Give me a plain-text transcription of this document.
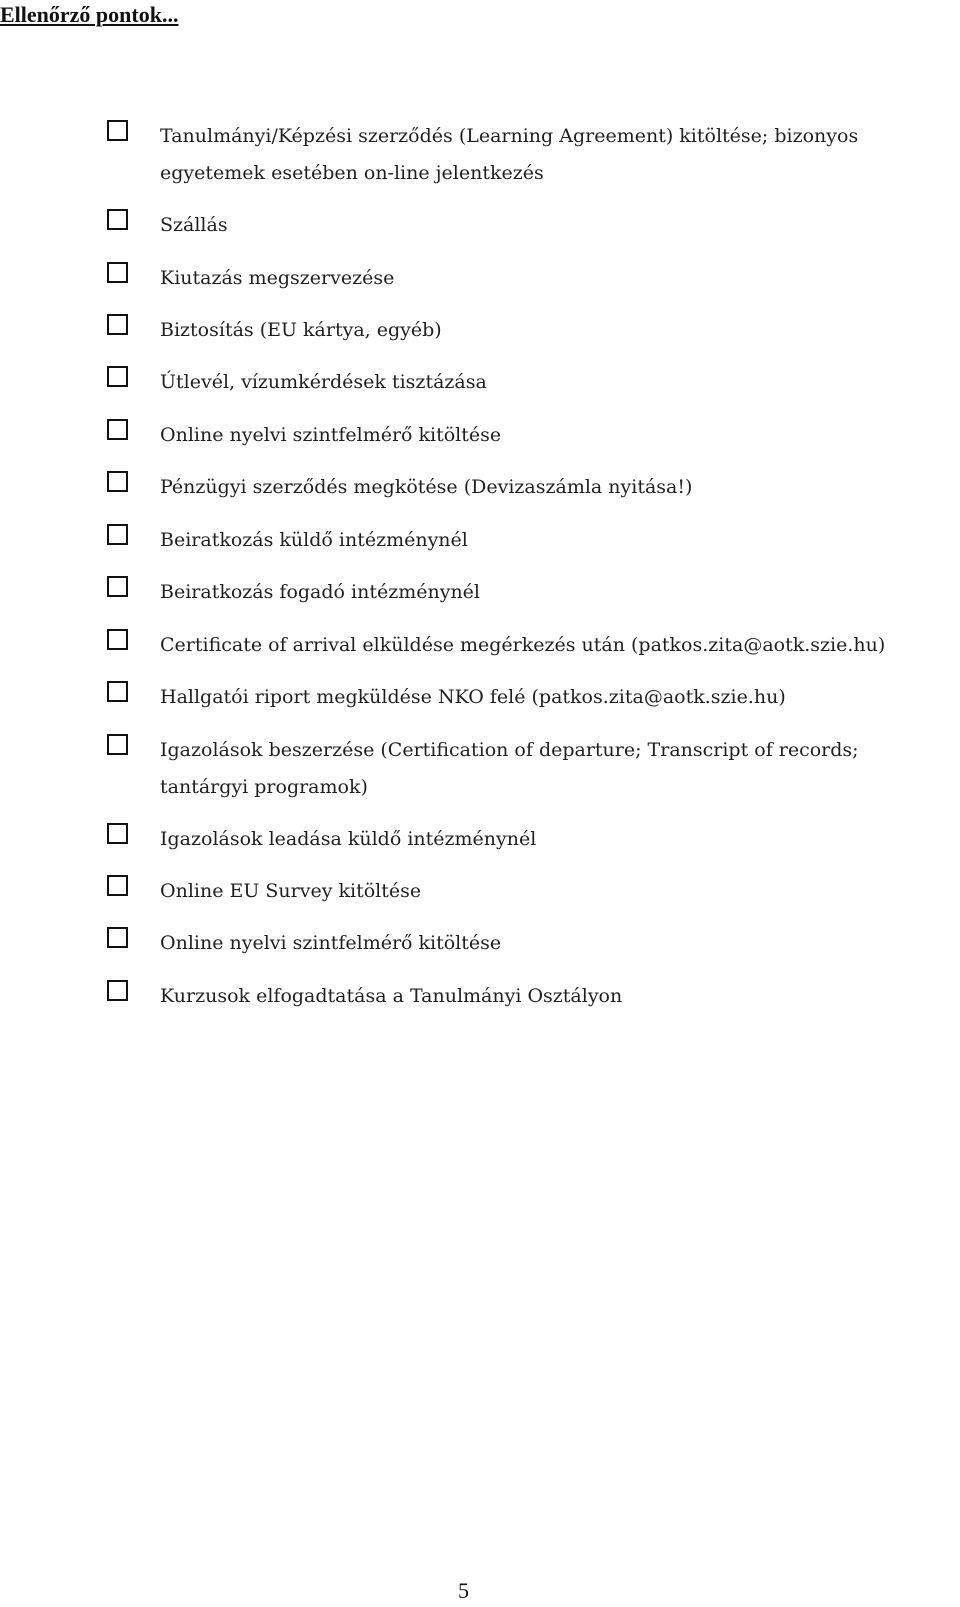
Ellenőrző pontok...
Tanulmányi/Képzési szerződés (Learning Agreement) kitöltése; bizonyos egyetemek esetében on-line jelentkezés
Szállás
Kiutazás megszervezése
Biztosítás (EU kártya, egyéb)
Útlevél, vízumkérdések tisztázása
Online nyelvi szintfelmérő kitöltése
Pénzügyi szerződés megkötése (Devizaszámla nyitása!)
Beiratkozás küldő intézménynél
Beiratkozás fogadó intézménynél
Certificate of arrival elküldése megérkezés után (patkos.zita@aotk.szie.hu)
Hallgatói riport megküldése NKO felé (patkos.zita@aotk.szie.hu)
Igazolások beszerzése (Certification of departure; Transcript of records; tantárgyi programok)
Igazolások leadása küldő intézménynél
Online EU Survey kitöltése
Online nyelvi szintfelmérő kitöltése
Kurzusok elfogadtatása a Tanulmányi Osztályon
5
